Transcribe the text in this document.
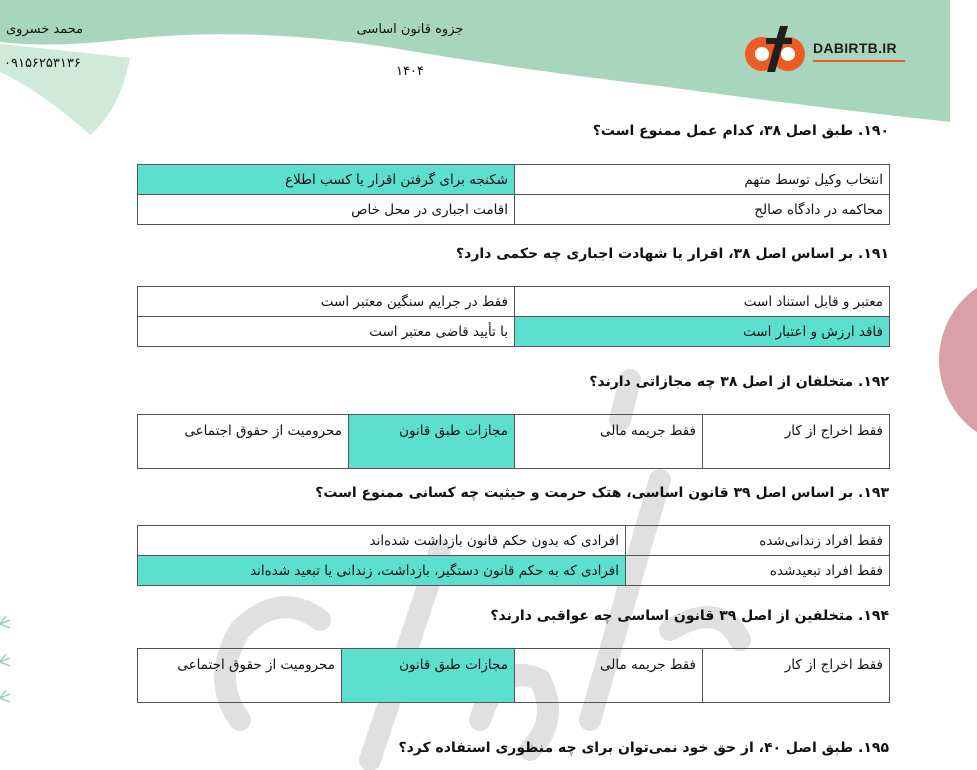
محمد خسروی
۰۹۱۵۶۲۵۳۱۳۶
جزوه قانون اساسی
۱۴۰۴
DABIRTB.IR
۱۹۰. طبق اصل ۳۸، کدام عمل ممنوع است؟
انتخاب وکیل توسط متهم	شکنجه برای گرفتن اقرار یا کسب اطلاع
محاکمه در دادگاه صالح	اقامت اجباری در محل خاص
۱۹۱. بر اساس اصل ۳۸، اقرار یا شهادت اجباری چه حکمی دارد؟
معتبر و قابل استناد است	فقط در جرایم سنگین معتبر است
فاقد ارزش و اعتبار است	با تأیید قاضی معتبر است
۱۹۲. متخلفان از اصل ۳۸ چه مجازاتی دارند؟
فقط اخراج از کار	فقط جریمه مالی	مجازات طبق قانون	محرومیت از حقوق اجتماعی
۱۹۳. بر اساس اصل ۳۹ قانون اساسی، هتک حرمت و حیثیت چه کسانی ممنوع است؟
فقط افراد زندانی‌شده	افرادی که بدون حکم قانون بازداشت شده‌اند
فقط افراد تبعیدشده	افرادی که به حکم قانون دستگیر، بازداشت، زندانی یا تبعید شده‌اند
۱۹۴. متخلفین از اصل ۳۹ قانون اساسی چه عواقبی دارند؟
فقط اخراج از کار	فقط جریمه مالی	مجازات طبق قانون	محرومیت از حقوق اجتماعی
۱۹۵. طبق اصل ۴۰، از حق خود نمی‌توان برای چه منظوری استفاده کرد؟
